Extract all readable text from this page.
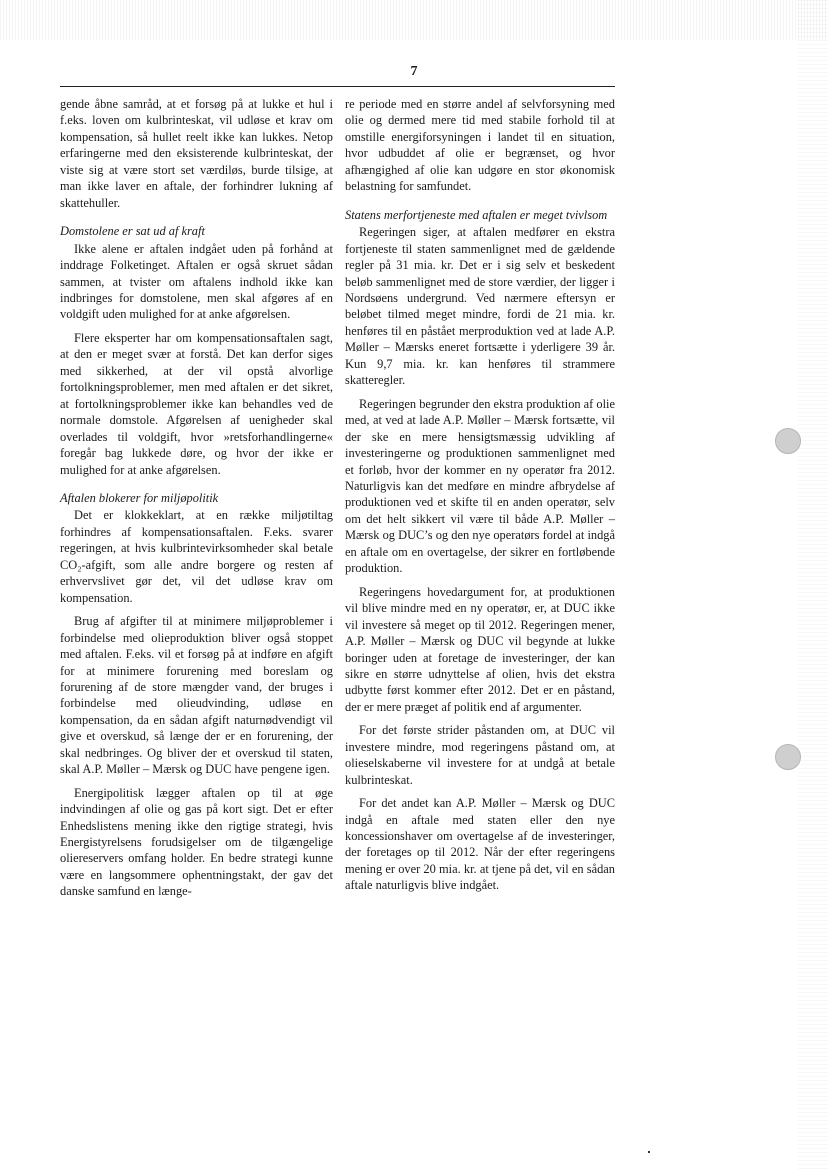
7

gende åbne samråd, at et forsøg på at lukke et hul i f.eks. loven om kulbrinteskat, vil udløse et krav om kompensation, så hullet reelt ikke kan lukkes. Netop erfaringerne med den eksisterende kulbrinteskat, der viste sig at være stort set værdiløs, burde tilsige, at man ikke laver en aftale, der forhindrer lukning af skattehuller.

Domstolene er sat ud af kraft

Ikke alene er aftalen indgået uden på forhånd at inddrage Folketinget. Aftalen er også skruet sådan sammen, at tvister om aftalens indhold ikke kan indbringes for domstolene, men skal afgøres af en voldgift uden mulighed for at anke afgørelsen.

Flere eksperter har om kompensationsaftalen sagt, at den er meget svær at forstå. Det kan derfor siges med sikkerhed, at der vil opstå alvorlige fortolkningsproblemer, men med aftalen er det sikret, at fortolkningsproblemer ikke kan behandles ved de normale domstole. Afgørelsen af uenigheder skal overlades til voldgift, hvor »retsforhandlingerne« foregår bag lukkede døre, og hvor der ikke er mulighed for at anke afgørelsen.

Aftalen blokerer for miljøpolitik

Det er klokkeklart, at en række miljøtiltag forhindres af kompensationsaftalen. F.eks. svarer regeringen, at hvis kulbrintevirksomheder skal betale CO₂-afgift, som alle andre borgere og resten af erhvervslivet gør det, vil det udløse krav om kompensation.

Brug af afgifter til at minimere miljøproblemer i forbindelse med olieproduktion bliver også stoppet med aftalen. F.eks. vil et forsøg på at indføre en afgift for at minimere forurening med boreslam og forurening af de store mængder vand, der bruges i forbindelse med olieudvinding, udløse en kompensation, da en sådan afgift naturnødvendigt vil give et overskud, så længe der er en forurening, der skal nedbringes. Og bliver der et overskud til staten, skal A.P. Møller – Mærsk og DUC have pengene igen.

Energipolitisk lægger aftalen op til at øge indvindingen af olie og gas på kort sigt. Det er efter Enhedslistens mening ikke den rigtige strategi, hvis Energistyrelsens forudsigelser om de tilgængelige oliereservers omfang holder. En bedre strategi kunne være en langsommere ophentningstakt, der gav det danske samfund en længe-

re periode med en større andel af selvforsyning med olie og dermed mere tid med stabile forhold til at omstille energiforsyningen i landet til en situation, hvor udbuddet af olie er begrænset, og hvor afhængighed af olie kan udgøre en stor økonomisk belastning for samfundet.

Statens merfortjeneste med aftalen er meget tvivlsom

Regeringen siger, at aftalen medfører en ekstra fortjeneste til staten sammenlignet med de gældende regler på 31 mia. kr. Det er i sig selv et beskedent beløb sammenlignet med de store værdier, der ligger i Nordsøens undergrund. Ved nærmere eftersyn er beløbet tilmed meget mindre, fordi de 21 mia. kr. henføres til en påstået merproduktion ved at lade A.P. Møller – Mærsks eneret fortsætte i yderligere 39 år. Kun 9,7 mia. kr. kan henføres til strammere skatteregler.

Regeringen begrunder den ekstra produktion af olie med, at ved at lade A.P. Møller – Mærsk fortsætte, vil der ske en mere hensigtsmæssig udvikling af investeringerne og produktionen sammenlignet med et forløb, hvor der kommer en ny operatør fra 2012. Naturligvis kan det medføre en mindre afbrydelse af produktionen ved et skifte til en anden operatør, selv om det helt sikkert vil være til både A.P. Møller – Mærsk og DUC’s og den nye operatørs fordel at indgå en aftale om en overtagelse, der sikrer en fortløbende produktion.

Regeringens hovedargument for, at produktionen vil blive mindre med en ny operatør, er, at DUC ikke vil investere så meget op til 2012. Regeringen mener, A.P. Møller – Mærsk og DUC vil begynde at lukke boringer uden at foretage de investeringer, der kan sikre en større udnyttelse af olien, hvis det ekstra udbytte først kommer efter 2012. Det er en påstand, der er mere præget af politik end af argumenter.

For det første strider påstanden om, at DUC vil investere mindre, mod regeringens påstand om, at olieselskaberne vil investere for at undgå at betale kulbrinteskat.

For det andet kan A.P. Møller – Mærsk og DUC indgå en aftale med staten eller den nye koncessionshaver om overtagelse af de investeringer, der foretages op til 2012. Når der efter regeringens mening er over 20 mia. kr. at tjene på det, vil en sådan aftale naturligvis blive indgået.
